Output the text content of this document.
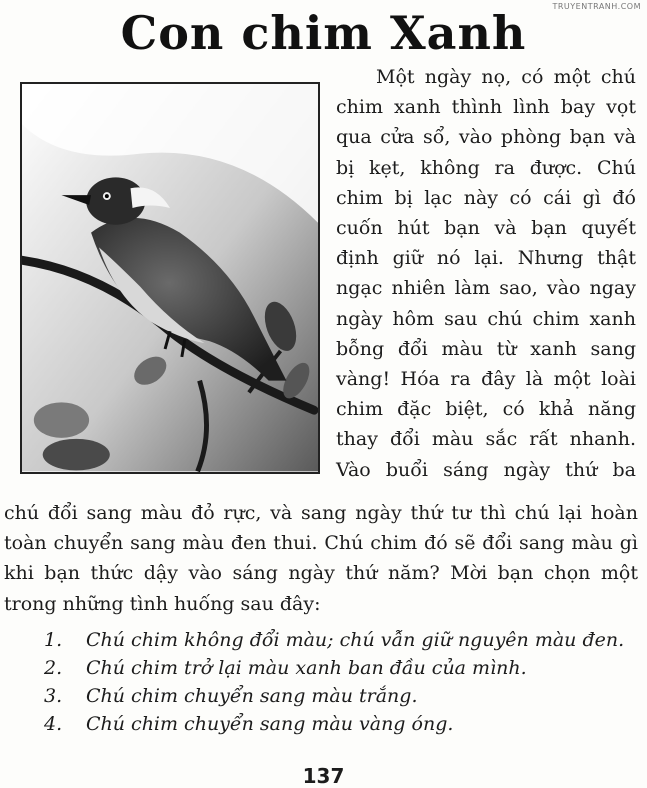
TRUYENTRANH.COM
Con chim Xanh

Một ngày nọ, có một chú chim xanh thình lình bay vọt qua cửa sổ, vào phòng bạn và bị kẹt, không ra được. Chú chim bị lạc này có cái gì đó cuốn hút bạn và bạn quyết định giữ nó lại. Nhưng thật ngạc nhiên làm sao, vào ngay ngày hôm sau chú chim xanh bỗng đổi màu từ xanh sang vàng! Hóa ra đây là một loài chim đặc biệt, có khả năng thay đổi màu sắc rất nhanh. Vào buổi sáng ngày thứ ba

chú đổi sang màu đỏ rực, và sang ngày thứ tư thì chú lại hoàn toàn chuyển sang màu đen thui. Chú chim đó sẽ đổi sang màu gì khi bạn thức dậy vào sáng ngày thứ năm? Mời bạn chọn một trong những tình huống sau đây:

1. Chú chim không đổi màu; chú vẫn giữ nguyên màu đen.
2. Chú chim trở lại màu xanh ban đầu của mình.
3. Chú chim chuyển sang màu trắng.
4. Chú chim chuyển sang màu vàng óng.

137
